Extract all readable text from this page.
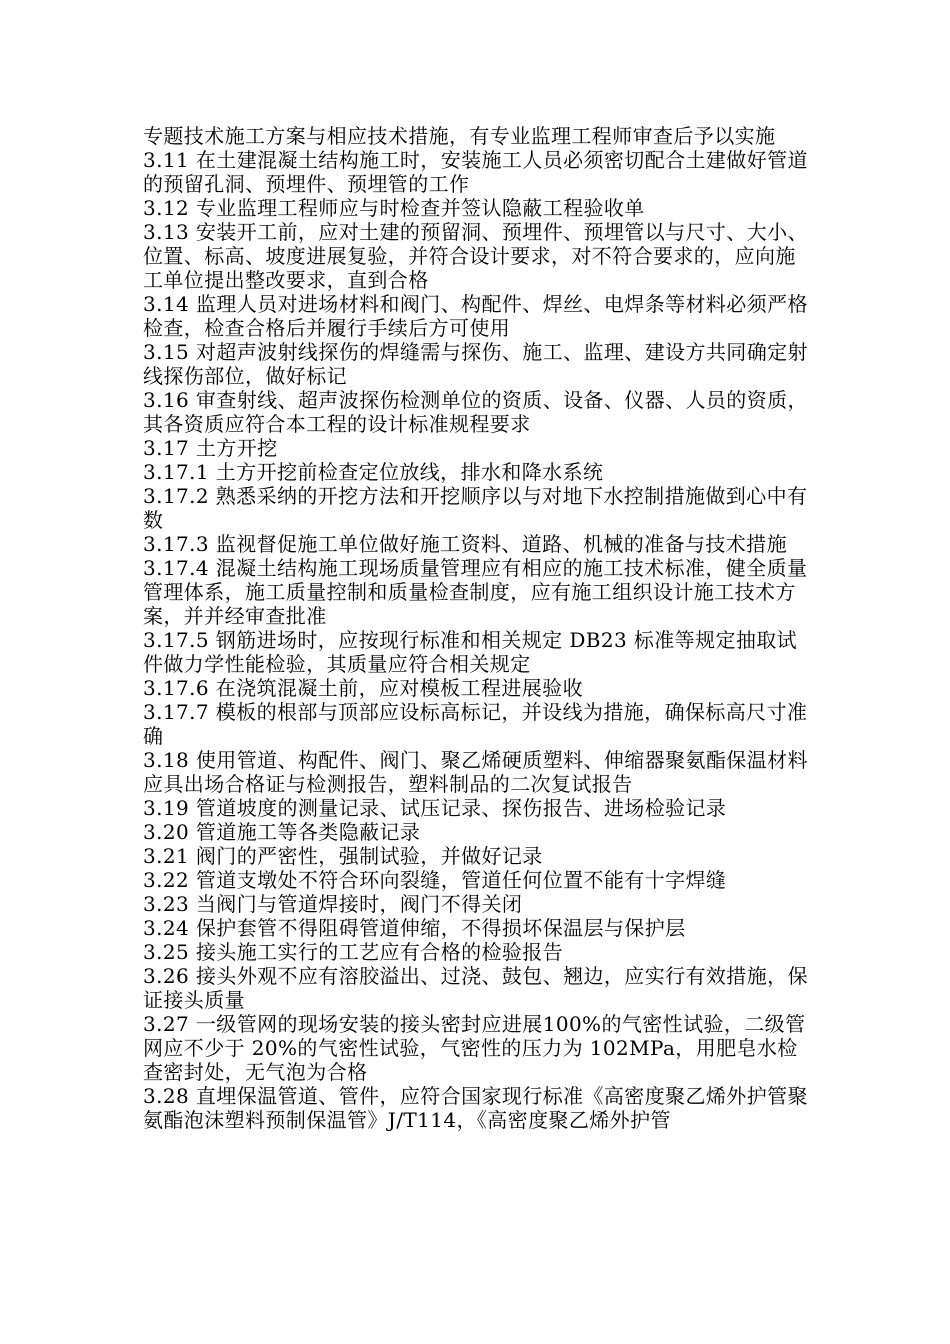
专题技术施工方案与相应技术措施，有专业监理工程师审查后予以实施

3.11 在土建混凝土结构施工时，安装施工人员必须密切配合土建做好管道的预留孔洞、预埋件、预埋管的工作

3.12 专业监理工程师应与时检查并签认隐蔽工程验收单

3.13 安装开工前，应对土建的预留洞、预埋件、预埋管以与尺寸、大小、位置、标高、坡度进展复验，并符合设计要求，对不符合要求的，应向施工单位提出整改要求，直到合格

3.14 监理人员对进场材料和阀门、构配件、焊丝、电焊条等材料必须严格检查，检查合格后并履行手续后方可使用

3.15 对超声波射线探伤的焊缝需与探伤、施工、监理、建设方共同确定射线探伤部位，做好标记

3.16 审查射线、超声波探伤检测单位的资质、设备、仪器、人员的资质，其各资质应符合本工程的设计标准规程要求

3.17 土方开挖

3.17.1 土方开挖前检查定位放线，排水和降水系统

3.17.2 熟悉采纳的开挖方法和开挖顺序以与对地下水控制措施做到心中有数

3.17.3 监视督促施工单位做好施工资料、道路、机械的准备与技术措施

3.17.4 混凝土结构施工现场质量管理应有相应的施工技术标准，健全质量管理体系，施工质量控制和质量检查制度，应有施工组织设计施工技术方案，并并经审查批准

3.17.5 钢筋进场时，应按现行标准和相关规定 DB23 标准等规定抽取试件做力学性能检验，其质量应符合相关规定

3.17.6 在浇筑混凝土前，应对模板工程进展验收

3.17.7 模板的根部与顶部应设标高标记，并设线为措施，确保标高尺寸准确

3.18 使用管道、构配件、阀门、聚乙烯硬质塑料、伸缩器聚氨酯保温材料应具出场合格证与检测报告，塑料制品的二次复试报告

3.19 管道坡度的测量记录、试压记录、探伤报告、进场检验记录

3.20 管道施工等各类隐蔽记录

3.21 阀门的严密性，强制试验，并做好记录

3.22 管道支墩处不符合环向裂缝，管道任何位置不能有十字焊缝

3.23 当阀门与管道焊接时，阀门不得关闭

3.24 保护套管不得阻碍管道伸缩，不得损坏保温层与保护层

3.25 接头施工实行的工艺应有合格的检验报告

3.26 接头外观不应有溶胶溢出、过浇、鼓包、翘边，应实行有效措施，保证接头质量

3.27 一级管网的现场安装的接头密封应进展100%的气密性试验，二级管网应不少于 20%的气密性试验，气密性的压力为 102MPa，用肥皂水检查密封处，无气泡为合格

3.28 直埋保温管道、管件，应符合国家现行标准《高密度聚乙烯外护管聚氨酯泡沫塑料预制保温管》J/T114，《高密度聚乙烯外护管
